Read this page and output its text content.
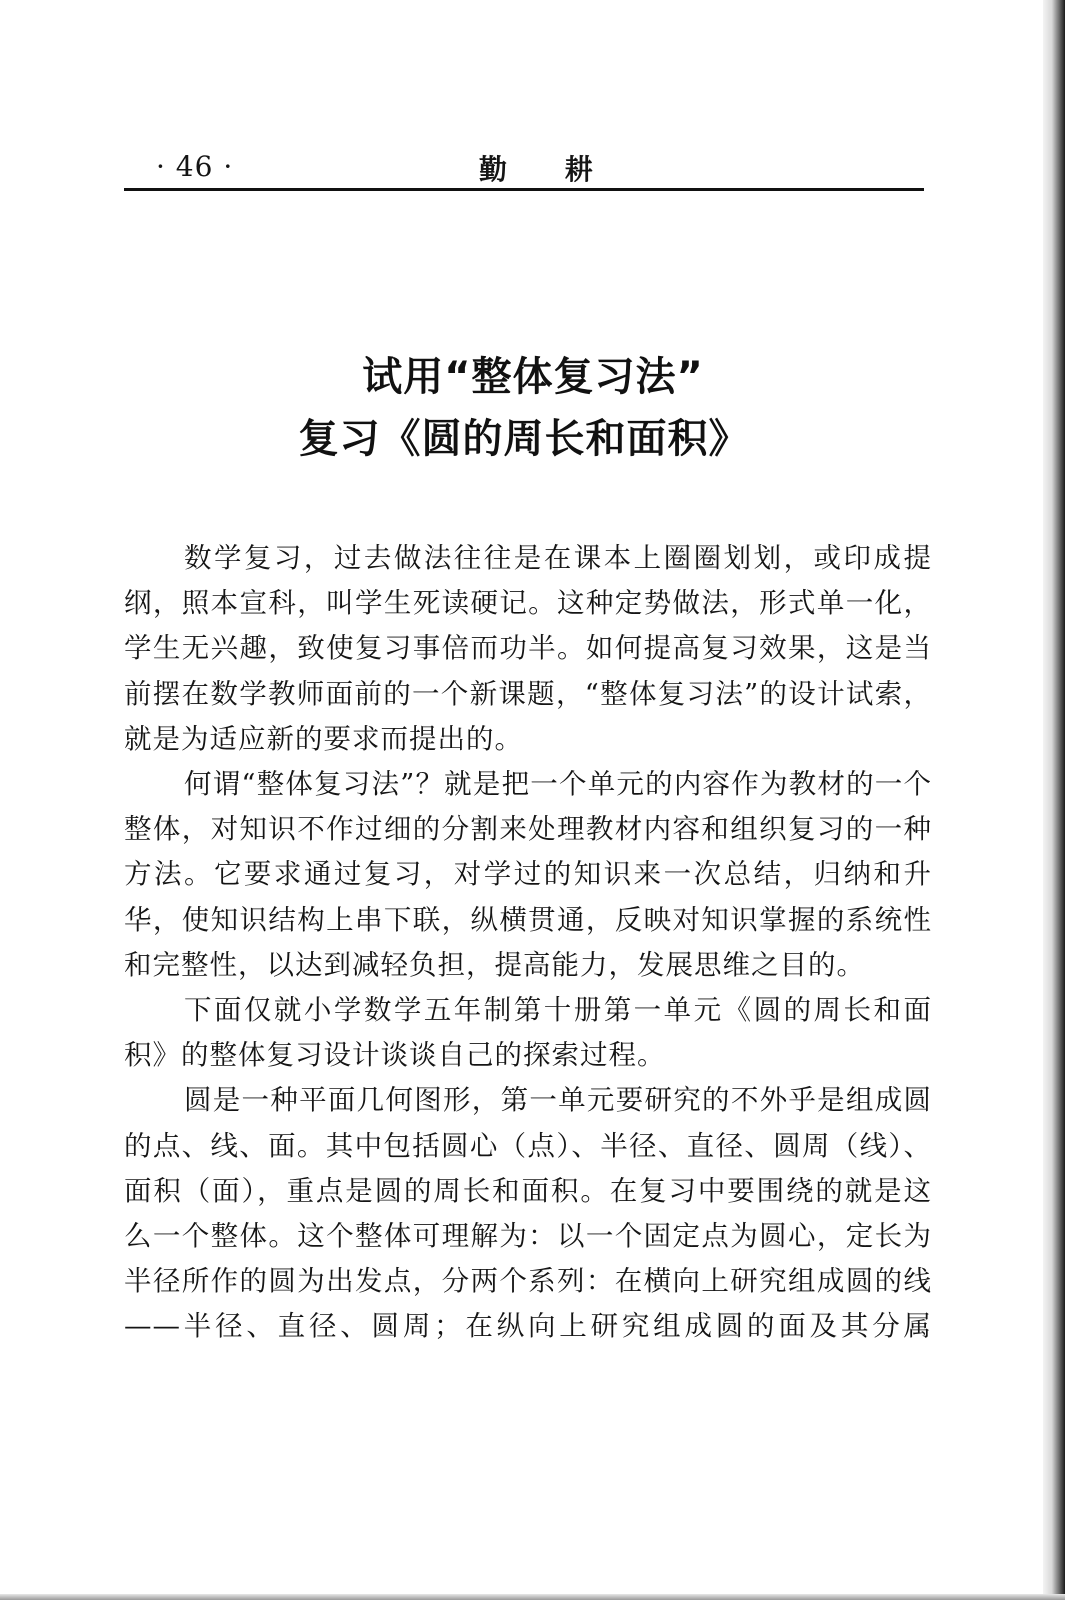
· 46 ·	勤 耕
试用“整体复习法”
复习《圆的周长和面积》

数学复习，过去做法往往是在课本上圈圈划划，或印成提纲，照本宣科，叫学生死读硬记。这种定势做法，形式单一化，学生无兴趣，致使复习事倍而功半。如何提高复习效果，这是当前摆在数学教师面前的一个新课题，“整体复习法”的设计试索，就是为适应新的要求而提出的。

何谓“整体复习法”？就是把一个单元的内容作为教材的一个整体，对知识不作过细的分割来处理教材内容和组织复习的一种方法。它要求通过复习，对学过的知识来一次总结，归纳和升华，使知识结构上串下联，纵横贯通，反映对知识掌握的系统性和完整性，以达到减轻负担，提高能力，发展思维之目的。

下面仅就小学数学五年制第十册第一单元《圆的周长和面积》的整体复习设计谈谈自己的探索过程。

圆是一种平面几何图形，第一单元要研究的不外乎是组成圆的点、线、面。其中包括圆心（点）、半径、直径、圆周（线）、面积（面），重点是圆的周长和面积。在复习中要围绕的就是这么一个整体。这个整体可理解为：以一个固定点为圆心，定长为半径所作的圆为出发点，分两个系列：在横向上研究组成圆的线——半径、直径、圆周；在纵向上研究组成圆的面及其分属
